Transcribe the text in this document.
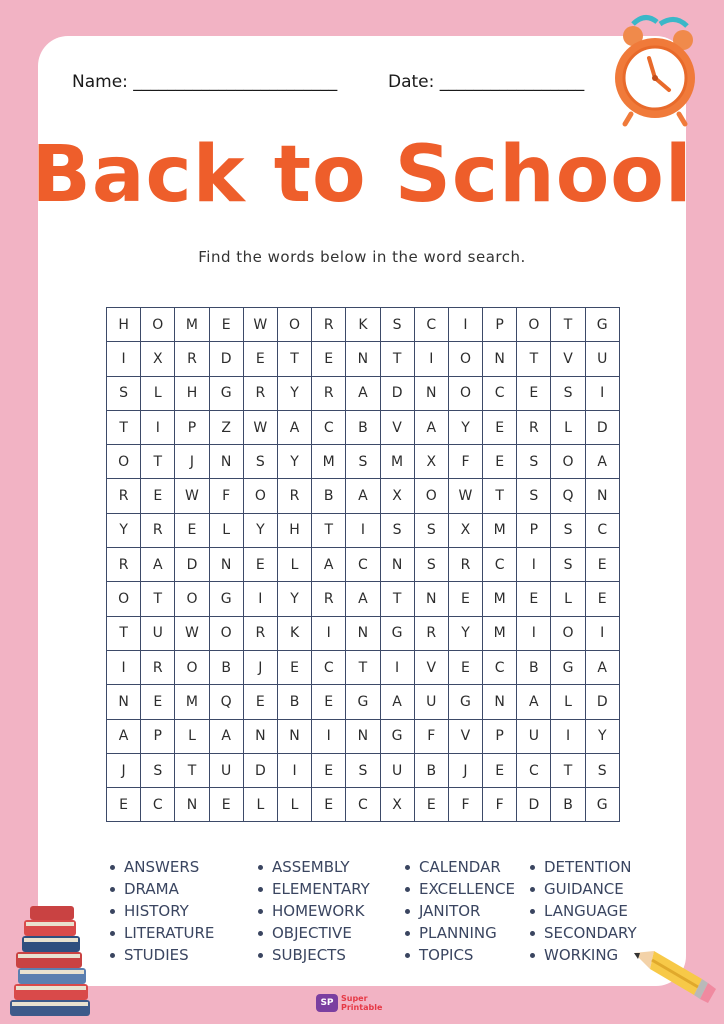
Name: ________________________	Date: _________________
Back to School
Find the words below in the word search.
H	O	M	E	W	O	R	K	S	C	I	P	O	T	G
I	X	R	D	E	T	E	N	T	I	O	N	T	V	U
S	L	H	G	R	Y	R	A	D	N	O	C	E	S	I
T	I	P	Z	W	A	C	B	V	A	Y	E	R	L	D
O	T	J	N	S	Y	M	S	M	X	F	E	S	O	A
R	E	W	F	O	R	B	A	X	O	W	T	S	Q	N
Y	R	E	L	Y	H	T	I	S	S	X	M	P	S	C
R	A	D	N	E	L	A	C	N	S	R	C	I	S	E
O	T	O	G	I	Y	R	A	T	N	E	M	E	L	E
T	U	W	O	R	K	I	N	G	R	Y	M	I	O	I
I	R	O	B	J	E	C	T	I	V	E	C	B	G	A
N	E	M	Q	E	B	E	G	A	U	G	N	A	L	D
A	P	L	A	N	N	I	N	G	F	V	P	U	I	Y
J	S	T	U	D	I	E	S	U	B	J	E	C	T	S
E	C	N	E	L	L	E	C	X	E	F	F	D	B	G
ANSWERS
DRAMA
HISTORY
LITERATURE
STUDIES
ASSEMBLY
ELEMENTARY
HOMEWORK
OBJECTIVE
SUBJECTS
CALENDAR
EXCELLENCE
JANITOR
PLANNING
TOPICS
DETENTION
GUIDANCE
LANGUAGE
SECONDARY
WORKING
SP Super
Printable
